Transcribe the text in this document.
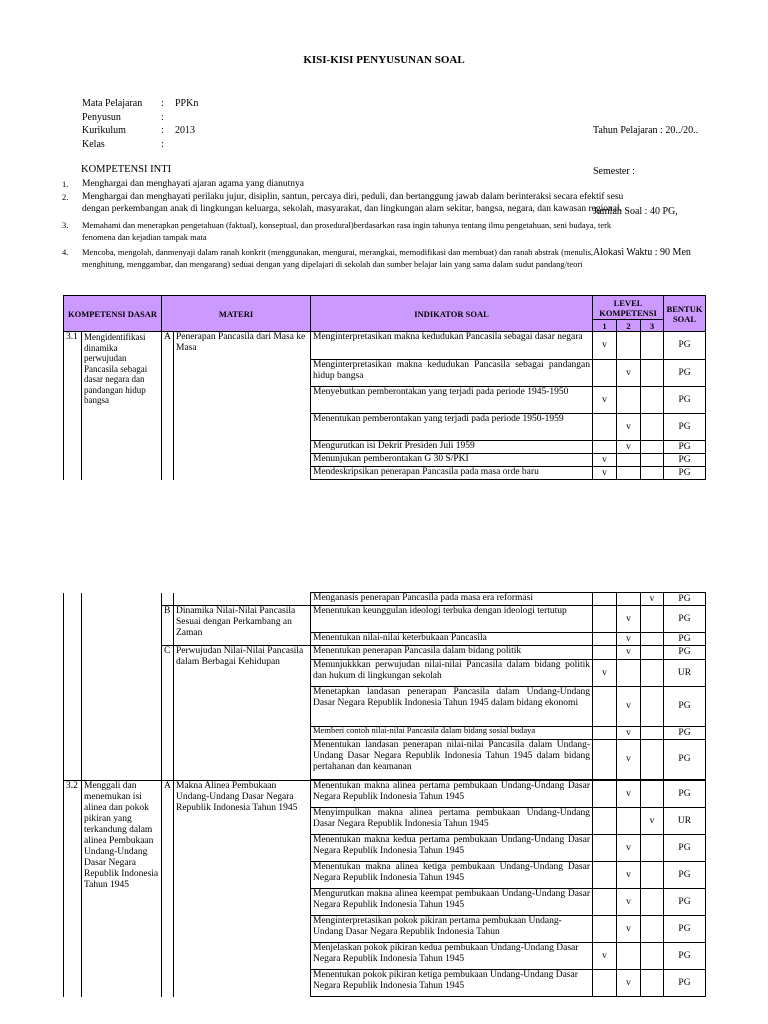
KISI-KISI PENYUSUNAN SOAL
Mata Pelajaran : PPKn
Penyusun	:
Kurikulum	: 2013
Kelas	:

Tahun Pelajaran : 20../20..

Semester :

Jumlah Soal : 40 PG,

Alokasi Waktu : 90 Men

KOMPETENSI INTI
1. Menghargai dan menghayati ajaran agama yang dianutnya
2. Menghargai dan menghayati perilaku jujur, disiplin, santun, percaya diri, peduli, dan bertanggung jawab dalam berinteraksi secara efektif sesu
dengan perkembangan anak di lingkungan keluarga, sekolah, masyarakat, dan lingkungan alam sekitar, bangsa, negara, dan kawasan regional.
3. Memahami dan menerapkan pengetahuan (faktual), konseptual, dan prosedural)berdasarkan rasa ingin tahunya tentang ilmu pengetahuan, seni budaya, terk
fenomena dan kejadian tampak mata
4. Mencoba, mengolah, danmenyaji dalam ranah konkrit (menggunakan, mengurai, merangkai, memodifikasi dan membuat) dan ranah abstrak (menulis,
menghitung, menggambar, dan mengarang) seduai dengan yang dipelajari di sekolah dan sumber belajar lain yang sama dalam sudut pandang/teori
KOMPETENSI DASAR		MATERI		INDIKATOR SOAL	LEVEL KOMPETENSI			BENTUK SOAL
					1	2	3	
3.1	Mengidentifikasi dinamika perwujudan Pancasila sebagai dasar negara dan pandangan hidup bangsa	A	Penerapan Pancasila dari Masa ke Masa	Menginterpretasikan makna kedudukan Pancasila sebagai dasar negara	v			PG
				Menginterpretasikan makna kedudukan Pancasila sebagai pandangan hidup bangsa		v		PG
				Menyebutkan pemberontakan yang terjadi pada periode 1945-1950	v			PG
				Menentukan pemberontakan yang terjadi pada periode 1950-1959		v		PG
				Mengurutkan isi Dekrit Presiden Juli 1959		v		PG
				Menunjukan pemberontakan G 30 S/PKI	v			PG
				Mendeskripsikan penerapan Pancasila pada masa orde baru	v			PG
				Menganasis penerapan Pancasila pada masa era reformasi			v	PG	
		B	Dinamika Nilai-Nilai Pancasila Sesuai dengan Perkambang an Zaman	Menentukan keunggulan ideologi terbuka dengan ideologi tertutup		v		PG	
				Menentukan nilai-nilai keterbukaan Pancasila		v		PG	
		C	Perwujudan Nilai-Nilai Pancasila dalam Berbagai Kehidupan	Menentukan penerapan Pancasila dalam bidang politik		v		PG	
				Menunjukkkan perwujudan nilai-nilai Pancasila dalam bidang politik dan hukum di lingkungan sekolah	v			UR	
				Menetapkan landasan penerapan Pancasila dalam Undang-Undang Dasar Negara Republik Indonesia Tahun 1945 dalam bidang ekonomi		v		PG	

				Memberi contoh nilai-nilai Pancasila dalam bidang sosial budaya		v		PG	
				Menentukan landasan penerapan nilai-nilai Pancasila dalam Undang-Undang Dasar Negara Republik Indonesia Tahun 1945 dalam bidang pertahanan dan keamanan		v		PG	

3.2	Menggali dan menemukan isi alinea dan pokok pikiran yang terkandung dalam alinea Pembukaan Undang-Undang Dasar Negara Republik Indonesia Tahun 1945	A	Makna Alinea Pembukaan Undang-Undang Dasar Negara Republik Indonesia Tahun 1945	Menentukan makna alinea pertama pembukaan Undang-Undang Dasar Negara Republik Indonesia Tahun 1945		v		PG	
				Menyimpulkan makna alinea pertama pembukaan Undang-Undang Dasar Negara Republik Indonesia Tahun 1945			v	UR	
				Menentukan makna kedua pertama pembukaan Undang-Undang Dasar Negara Republik Indonesia Tahun 1945		v		PG	
				Menentukan makna alinea ketiga pembukaan Undang-Undang Dasar Negara Republik Indonesia Tahun 1945		v		PG	
				Mengurutkan makna alinea keempat pembukaan Undang-Undang Dasar Negara Republik Indonesia Tahun 1945		v		PG	
				Menginterpretasikan pokok pikiran pertama pembukaan Undang-Undang Dasar Negara Republik Indonesia Tahun		v		PG	
				Menjelaskan pokok pikiran kedua pembukaan Undang-Undang Dasar Negara Republik Indonesia Tahun 1945	v			PG	
				Menentukan pokok pikiran ketiga pembukaan Undang-Undang Dasar Negara Republik Indonesia Tahun 1945		v		PG	
